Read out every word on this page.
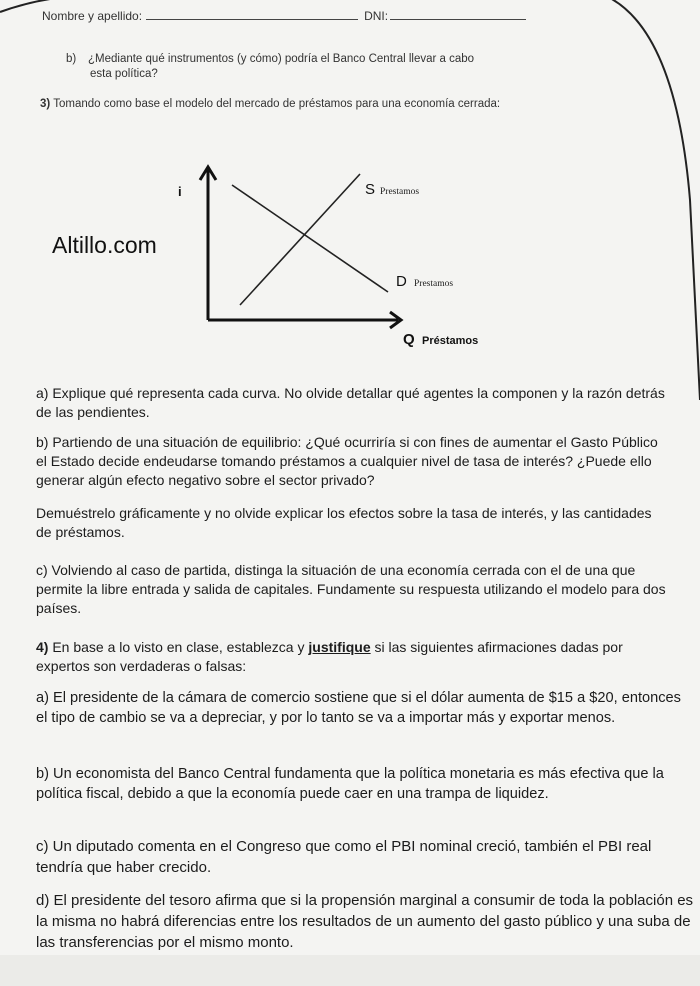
Nombre y apellido:	DNI:
b) ¿Mediante qué instrumentos (y cómo) podría el Banco Central llevar a cabo
esta política?
3) Tomando como base el modelo del mercado de préstamos para una economía cerrada:
Altillo.com
i	S Prestamos
D Prestamos
Q Préstamos
a) Explique qué representa cada curva. No olvide detallar qué agentes la componen y la razón detrás de las pendientes.
b) Partiendo de una situación de equilibrio: ¿Qué ocurriría si con fines de aumentar el Gasto Público el Estado decide endeudarse tomando préstamos a cualquier nivel de tasa de interés? ¿Puede ello generar algún efecto negativo sobre el sector privado?
Demuéstrelo gráficamente y no olvide explicar los efectos sobre la tasa de interés, y las cantidades de préstamos.
c) Volviendo al caso de partida, distinga la situación de una economía cerrada con el de una que permite la libre entrada y salida de capitales. Fundamente su respuesta utilizando el modelo para dos países.
4) En base a lo visto en clase, establezca y justifique si las siguientes afirmaciones dadas por expertos son verdaderas o falsas:
a) El presidente de la cámara de comercio sostiene que si el dólar aumenta de $15 a $20, entonces el tipo de cambio se va a depreciar, y por lo tanto se va a importar más y exportar menos.
b) Un economista del Banco Central fundamenta que la política monetaria es más efectiva que la política fiscal, debido a que la economía puede caer en una trampa de liquidez.
c) Un diputado comenta en el Congreso que como el PBI nominal creció, también el PBI real tendría que haber crecido.
d) El presidente del tesoro afirma que si la propensión marginal a consumir de toda la población es la misma no habrá diferencias entre los resultados de un aumento del gasto público y una suba de las transferencias por el mismo monto.
